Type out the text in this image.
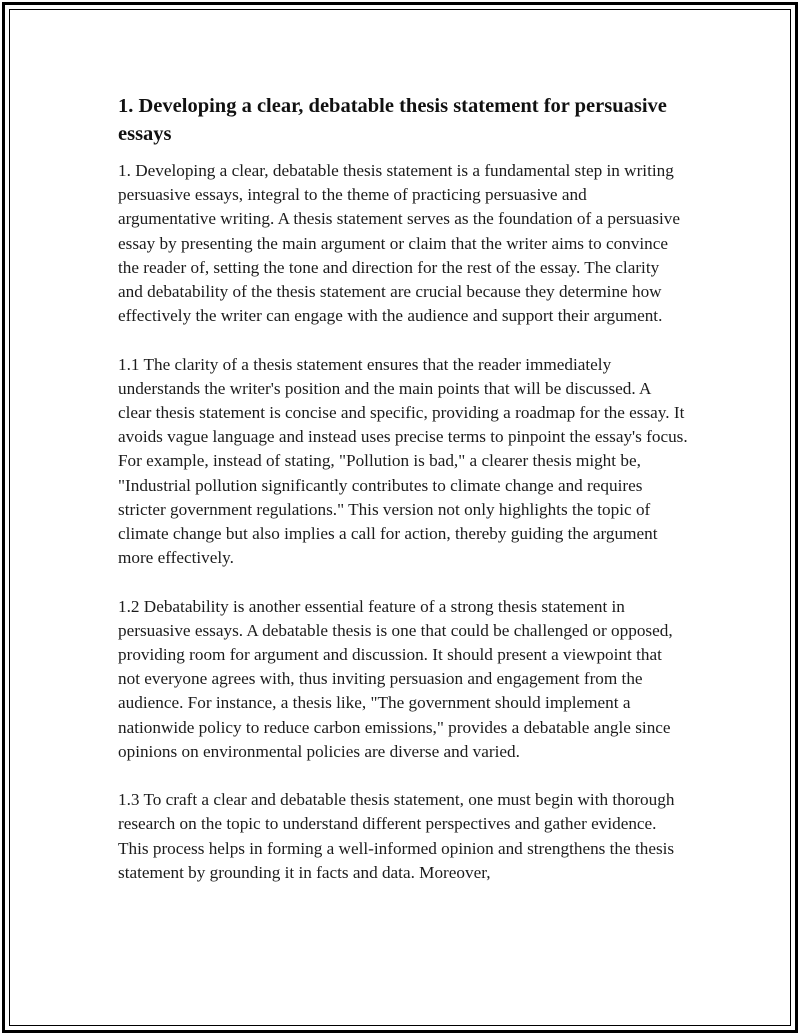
1. Developing a clear, debatable thesis statement for persuasive essays

1. Developing a clear, debatable thesis statement is a fundamental step in writing persuasive essays, integral to the theme of practicing persuasive and argumentative writing. A thesis statement serves as the foundation of a persuasive essay by presenting the main argument or claim that the writer aims to convince the reader of, setting the tone and direction for the rest of the essay. The clarity and debatability of the thesis statement are crucial because they determine how effectively the writer can engage with the audience and support their argument.

1.1 The clarity of a thesis statement ensures that the reader immediately understands the writer's position and the main points that will be discussed. A clear thesis statement is concise and specific, providing a roadmap for the essay. It avoids vague language and instead uses precise terms to pinpoint the essay's focus. For example, instead of stating, "Pollution is bad," a clearer thesis might be, "Industrial pollution significantly contributes to climate change and requires stricter government regulations." This version not only highlights the topic of climate change but also implies a call for action, thereby guiding the argument more effectively.

1.2 Debatability is another essential feature of a strong thesis statement in persuasive essays. A debatable thesis is one that could be challenged or opposed, providing room for argument and discussion. It should present a viewpoint that not everyone agrees with, thus inviting persuasion and engagement from the audience. For instance, a thesis like, "The government should implement a nationwide policy to reduce carbon emissions," provides a debatable angle since opinions on environmental policies are diverse and varied.

1.3 To craft a clear and debatable thesis statement, one must begin with thorough research on the topic to understand different perspectives and gather evidence. This process helps in forming a well-informed opinion and strengthens the thesis statement by grounding it in facts and data. Moreover,
